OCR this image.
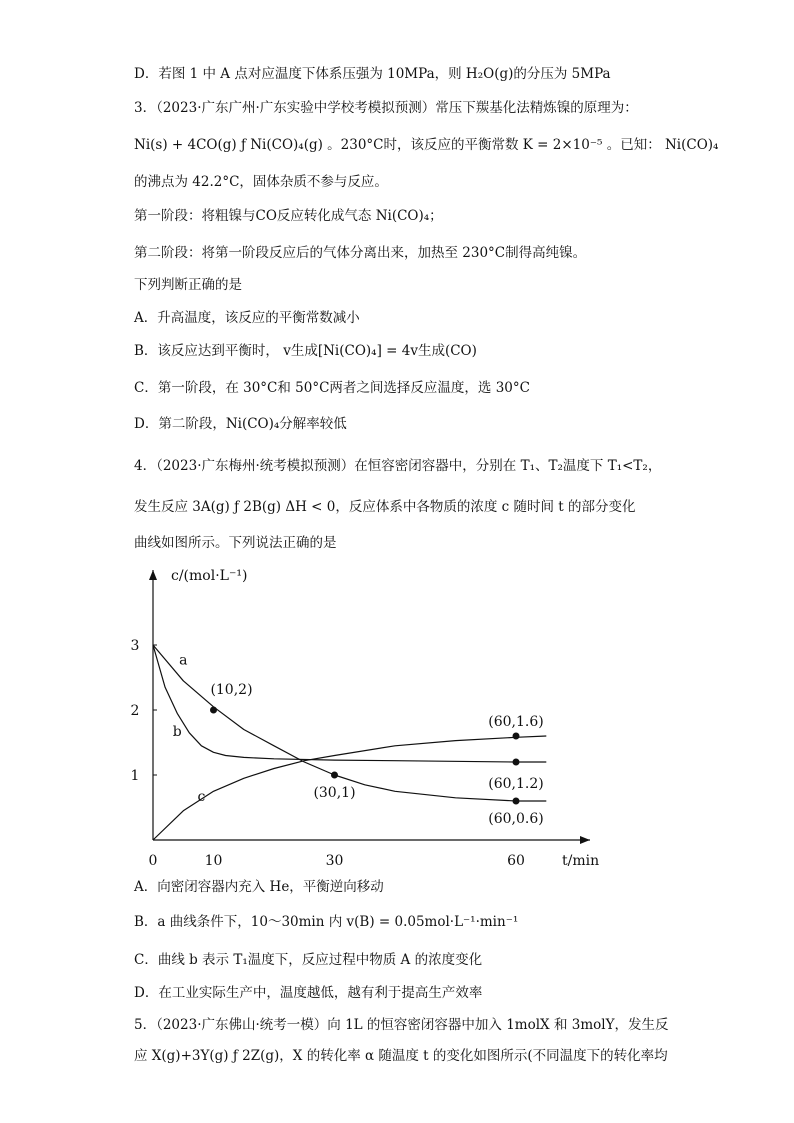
D．若图 1 中 A 点对应温度下体系压强为 10MPa，则 H₂O(g)的分压为 5MPa
3．（2023·广东广州·广东实验中学校考模拟预测）常压下羰基化法精炼镍的原理为：
Ni(s) + 4CO(g) ƒ Ni(CO)₄(g) 。230°C时，该反应的平衡常数 K = 2×10⁻⁵ 。已知： Ni(CO)₄
的沸点为 42.2°C，固体杂质不参与反应。
第一阶段：将粗镍与CO反应转化成气态 Ni(CO)₄；
第二阶段：将第一阶段反应后的气体分离出来，加热至 230°C制得高纯镍。
下列判断正确的是
A．升高温度，该反应的平衡常数减小
B．该反应达到平衡时， v生成[Ni(CO)₄] = 4v生成(CO)
C．第一阶段，在 30°C和 50°C两者之间选择反应温度，选 30°C
D．第二阶段，Ni(CO)₄分解率较低
4．（2023·广东梅州·统考模拟预测）在恒容密闭容器中，分别在 T₁、T₂温度下 T₁<T₂，
发生反应 3A(g) ƒ 2B(g) ΔH < 0，反应体系中各物质的浓度 c 随时间 t 的部分变化
曲线如图所示。下列说法正确的是
c/(mol·L⁻¹)
t/min
0	10	30	60
1
2
3
a
b
c
(10,2)
(30,1)
(60,1.6)
(60,1.2)
(60,0.6)
A．向密闭容器内充入 He，平衡逆向移动
B．a 曲线条件下，10～30min 内 v(B) = 0.05mol·L⁻¹·min⁻¹
C．曲线 b 表示 T₁温度下，反应过程中物质 A 的浓度变化
D．在工业实际生产中，温度越低，越有利于提高生产效率
5．（2023·广东佛山·统考一模）向 1L 的恒容密闭容器中加入 1molX 和 3molY，发生反
应 X(g)+3Y(g) ƒ 2Z(g)，X 的转化率 α 随温度 t 的变化如图所示(不同温度下的转化率均
